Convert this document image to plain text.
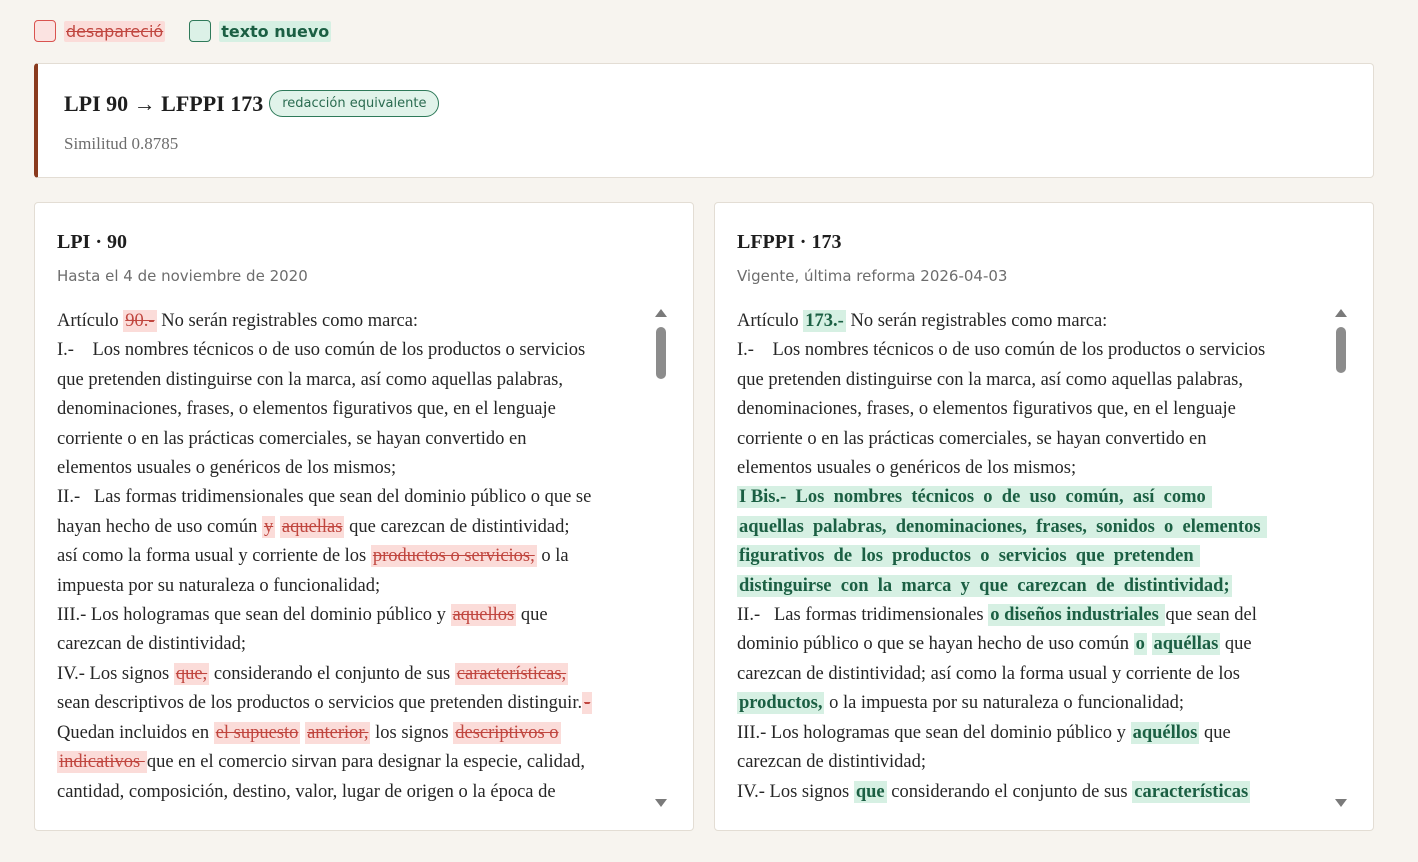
desapareció	texto nuevo
LPI 90 → LFPPI 173	redacción equivalente
Similitud 0.8785
LPI · 90
Hasta el 4 de noviembre de 2020
Artículo 90.- No serán registrables como marca:
I.-    Los nombres técnicos o de uso común de los productos o servicios
que pretenden distinguirse con la marca, así como aquellas palabras,
denominaciones, frases, o elementos figurativos que, en el lenguaje
corriente o en las prácticas comerciales, se hayan convertido en
elementos usuales o genéricos de los mismos;
II.-   Las formas tridimensionales que sean del dominio público o que se
hayan hecho de uso común y aquellas que carezcan de distintividad;
así como la forma usual y corriente de los productos o servicios, o la
impuesta por su naturaleza o funcionalidad;
III.- Los hologramas que sean del dominio público y aquellos que
carezcan de distintividad;
IV.- Los signos que, considerando el conjunto de sus características,
sean descriptivos de los productos o servicios que pretenden distinguir. -
Quedan incluidos en el supuesto anterior, los signos descriptivos o
indicativos que en el comercio sirvan para designar la especie, calidad,
cantidad, composición, destino, valor, lugar de origen o la época de
LFPPI · 173
Vigente, última reforma 2026-04-03
Artículo 173.- No serán registrables como marca:
I.-    Los nombres técnicos o de uso común de los productos o servicios
que pretenden distinguirse con la marca, así como aquellas palabras,
denominaciones, frases, o elementos figurativos que, en el lenguaje
corriente o en las prácticas comerciales, se hayan convertido en
elementos usuales o genéricos de los mismos;
I Bis.-  Los  nombres  técnicos  o  de  uso  común,  así  como
aquellas  palabras,  denominaciones,  frases,  sonidos  o  elementos
figurativos  de  los  productos  o  servicios  que  pretenden
distinguirse  con  la  marca  y  que  carezcan  de  distintividad;
II.-   Las formas tridimensionales o diseños industriales que sean del
dominio público o que se hayan hecho de uso común o aquéllas que
carezcan de distintividad; así como la forma usual y corriente de los
productos, o la impuesta por su naturaleza o funcionalidad;
III.- Los hologramas que sean del dominio público y aquéllos que
carezcan de distintividad;
IV.- Los signos que considerando el conjunto de sus características
